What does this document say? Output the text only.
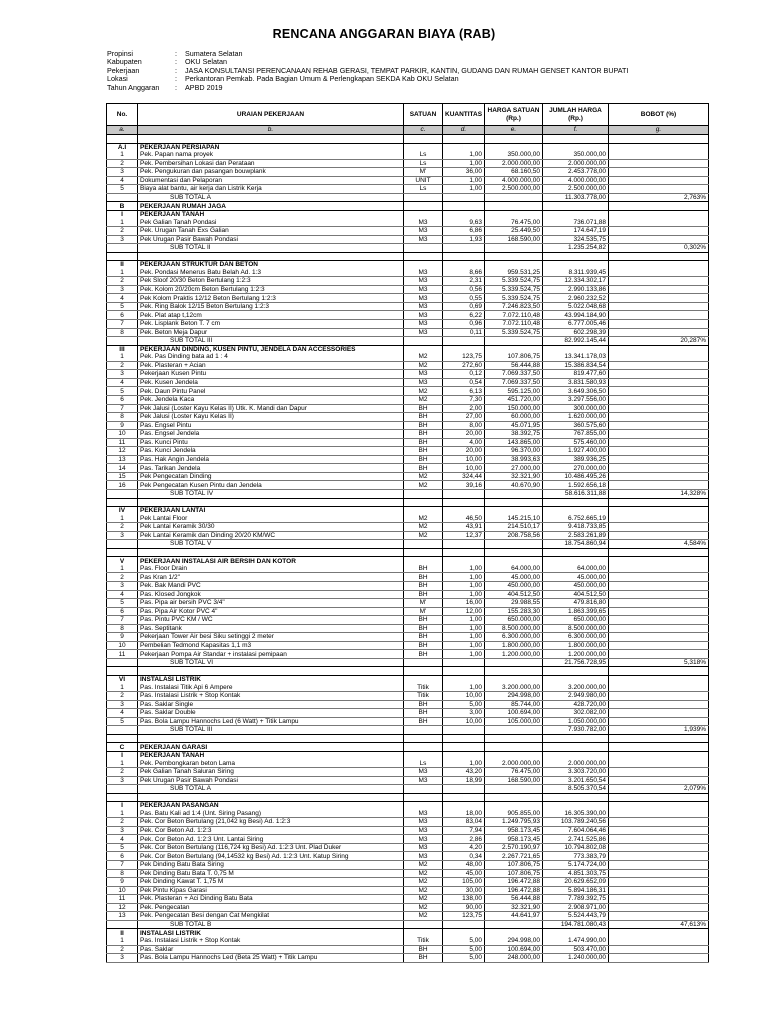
RENCANA ANGGARAN BIAYA (RAB)
Propinsi	:	Sumatera Selatan
Kabupaten	:	OKU Selatan
Pekerjaan	:	JASA KONSULTANSI PERENCANAAN REHAB GERASI, TEMPAT PARKIR, KANTIN, GUDANG DAN RUMAH GENSET KANTOR BUPATI
Lokasi	:	Perkantoran Pemkab. Pada Bagian Umum & Perlengkapan SEKDA Kab OKU Selatan
Tahun Anggaran	:	APBD 2019
No.	URAIAN PEKERJAAN	SATUAN	KUANTITAS	HARGA SATUAN (Rp.)	JUMLAH HARGA (Rp.)	BOBOT (%)
a.	b.	c.	d.	e.	f.	g.

A.I	PEKERJAAN PERSIAPAN					
1	Pek. Papan nama proyek	Ls	1,00	350.000,00	350.000,00	
2	Pek. Pembersihan Lokasi dan Perataan	Ls	1,00	2.000.000,00	2.000.000,00	
3	Pek. Pengukuran dan pasangan bouwplank	M'	36,00	68.160,50	2.453.778,00	
4	Dokumentasi dan Pelaporan	UNIT	1,00	4.000.000,00	4.000.000,00	
5	Biaya alat bantu, air kerja dan Listrik Kerja	Ls	1,00	2.500.000,00	2.500.000,00	
	SUB TOTAL A				11.303.778,00	2,763%
B	PEKERJAAN RUMAH JAGA					
I	PEKERJAAN TANAH					
1	Pek Galian Tanah Pondasi	M3	9,63	76.475,00	736.071,88	
2	Pek. Urugan Tanah Exs Galian	M3	6,86	25.449,50	174.647,19	
3	Pek Urugan Pasir Bawah Pondasi	M3	1,93	168.590,00	324.535,75	
	SUB TOTAL II				1.235.254,82	0,302%

II	PEKERJAAN STRUKTUR DAN BETON					
1	Pek. Pondasi Menerus Batu Belah Ad. 1:3	M3	8,66	959.531,25	8.311.939,45	
2	Pek Sloof 20/30 Beton Bertulang 1:2:3	M3	2,31	5.339.524,75	12.334.302,17	
3	Pek. Kolom 20/20cm Beton Bertulang 1:2:3	M3	0,56	5.339.524,75	2.990.133,86	
4	Pek Kolom Praktis 12/12 Beton Bertulang 1:2:3	M3	0,55	5.339.524,75	2.960.232,52	
5	Pek. Ring Balok 12/15 Beton Bertulang 1:2:3	M3	0,69	7.246.823,50	5.022.048,68	
6	Pek. Plat atap t,12cm	M3	6,22	7.072.110,48	43.994.184,90	
7	Pek. Lisplank Beton T. 7 cm	M3	0,96	7.072.110,48	6.777.005,46	
8	Pek. Beton Meja Dapur	M3	0,11	5.339.524,75	602.298,39	
	SUB TOTAL III				82.992.145,44	20,287%
III	PEKERJAAN DINDING, KUSEN PINTU, JENDELA DAN ACCESSORIES					
1	Pek. Pas Dinding bata ad 1 : 4	M2	123,75	107.806,75	13.341.178,03	
2	Pek. Plasteran + Acian	M2	272,60	56.444,88	15.386.834,54	
3	Pekerjaan Kusen Pintu	M3	0,12	7.069.337,50	819.477,60	
4	Pek. Kusen Jendela	M3	0,54	7.069.337,50	3.831.580,93	
5	Pek. Daun Pintu Panel	M2	6,13	595.125,00	3.649.306,50	
6	Pek. Jendela Kaca	M2	7,30	451.720,00	3.297.556,00	
7	Pek Jalusi (Loster Kayu Kelas II) Utk. K. Mandi dan Dapur	BH	2,00	150.000,00	300.000,00	
8	Pek Jalusi (Loster Kayu Kelas II)	BH	27,00	60.000,00	1.620.000,00	
9	Pas. Engsel Pintu	BH	8,00	45.071,95	360.575,60	
10	Pas. Engsel Jendela	BH	20,00	38.392,75	767.855,00	
11	Pas. Kunci Pintu	BH	4,00	143.865,00	575.460,00	
12	Pas. Kunci Jendela	BH	20,00	96.370,00	1.927.400,00	
13	Pas. Hak Angin Jendela	BH	10,00	38.993,63	389.936,25	
14	Pas. Tarikan Jendela	BH	10,00	27.000,00	270.000,00	
15	Pek Pengecatan Dinding	M2	324,44	32.321,90	10.486.495,26	
16	Pek Pengecatan Kusen Pintu dan Jendela	M2	39,16	40.670,90	1.592.656,18	
	SUB TOTAL IV				58.616.311,88	14,328%

IV	PEKERJAAN LANTAI					
1	Pek Lantai Floor	M2	46,50	145.215,10	6.752.665,19	
2	Pek Lantai Keramik 30/30	M2	43,91	214.510,17	9.418.733,85	
3	Pek Lantai Keramik dan Dinding 20/20 KM/WC	M2	12,37	208.758,56	2.583.261,89	
	SUB TOTAL V				18.754.860,94	4,584%

V	PEKERJAAN INSTALASI AIR BERSIH DAN KOTOR					
1	Pas. Floor Drain	BH	1,00	64.000,00	64.000,00	
2	Pas Kran 1/2"	BH	1,00	45.000,00	45.000,00	
3	Pek. Bak Mandi PVC	BH	1,00	450.000,00	450.000,00	
4	Pas. Klosed Jongkok	BH	1,00	404.512,50	404.512,50	
5	Pas. Pipa air bersih PVC 3/4"	M'	16,00	29.988,55	479.816,80	
6	Pas. Pipa Air Kotor PVC 4"	M'	12,00	155.283,30	1.863.399,65	
7	Pas. Pintu PVC KM / WC	BH	1,00	650.000,00	650.000,00	
8	Pas. Septitank	BH	1,00	8.500.000,00	8.500.000,00	
9	Pekerjaan Tower Air besi Siku setinggi 2 meter	BH	1,00	6.300.000,00	6.300.000,00	
10	Pembelian Tedmond Kapasitas 1,1 m3	BH	1,00	1.800.000,00	1.800.000,00	
11	Pekerjaan Pompa Air Standar + instalasi pemipaan	BH	1,00	1.200.000,00	1.200.000,00	
	SUB TOTAL VI				21.756.728,95	5,318%

VI	INSTALASI LISTRIK					
1	Pas. Instalasi Titik Api 6 Ampere	Titik	1,00	3.200.000,00	3.200.000,00	
2	Pas. Instalasi Listrik + Stop Kontak	Titik	10,00	294.998,00	2.949.980,00	
3	Pas. Saklar Single	BH	5,00	85.744,00	428.720,00	
4	Pas. Saklar Double	BH	3,00	100.694,00	302.082,00	
5	Pas. Bola Lampu Hannochs Led (6 Watt) + Titik Lampu	BH	10,00	105.000,00	1.050.000,00	
	SUB TOTAL III				7.930.782,00	1,939%

C	PEKERJAAN GARASI					
I	PEKERJAAN TANAH					
1	Pek. Pembongkaran beton Lama	Ls	1,00	2.000.000,00	2.000.000,00	
2	Pek Galian Tanah Saluran Siring	M3	43,20	76.475,00	3.303.720,00	
3	Pek Urugan Pasir Bawah Pondasi	M3	18,99	168.590,00	3.201.650,54	
	SUB TOTAL A				8.505.370,54	2,079%

I	PEKERJAAN PASANGAN					
1	Pas. Batu Kali ad 1:4 (Unt. Siring Pasang)	M3	18,00	905.855,00	16.305.390,00	
2	Pek. Cor Beton Bertulang (21,042 kg Besi) Ad. 1:2:3	M3	83,04	1.249.795,93	103.789.240,56	
3	Pek. Cor Beton Ad. 1:2:3	M3	7,94	958.173,45	7.604.064,46	
4	Pek. Cor Beton Ad. 1:2:3 Unt. Lantai Siring	M3	2,86	958.173,45	2.741.525,86	
5	Pek. Cor Beton Bertulang (116,724 kg Besi) Ad. 1:2:3 Unt. Plad Duker	M3	4,20	2.570.190,97	10.794.802,08	
6	Pek. Cor Beton Bertulang (94,14532 kg Besi) Ad. 1:2:3 Unt. Katup Siring	M3	0,34	2.267.721,65	773.383,79	
7	Pek Dinding Batu Bata Siring	M2	48,00	107.806,75	5.174.724,00	
8	Pek Dinding Batu Bata T. 0,75 M	M2	45,00	107.806,75	4.851.303,75	
9	Pek Dinding Kawat T. 1,75 M	M2	105,00	196.472,88	20.629.652,09	
10	Pek Pintu Kipas Garasi	M2	30,00	196.472,88	5.894.186,31	
11	Pek. Plasteran + Aci Dinding Batu Bata	M2	138,00	56.444,88	7.789.392,75	
12	Pek. Pengecatan	M2	90,00	32.321,90	2.908.971,00	
13	Pek. Pengecatan Besi dengan Cat Mengkilat	M2	123,75	44.641,97	5.524.443,79	
	SUB TOTAL B				194.781.080,43	47,613%
II	INSTALASI LISTRIK					
1	Pas. Instalasi Listrik + Stop Kontak	Titik	5,00	294.998,00	1.474.990,00	
2	Pas. Saklar	BH	5,00	100.694,00	503.470,00	
3	Pas. Bola Lampu Hannochs Led (Beta 25 Watt) + Titik Lampu	BH	5,00	248.000,00	1.240.000,00	
